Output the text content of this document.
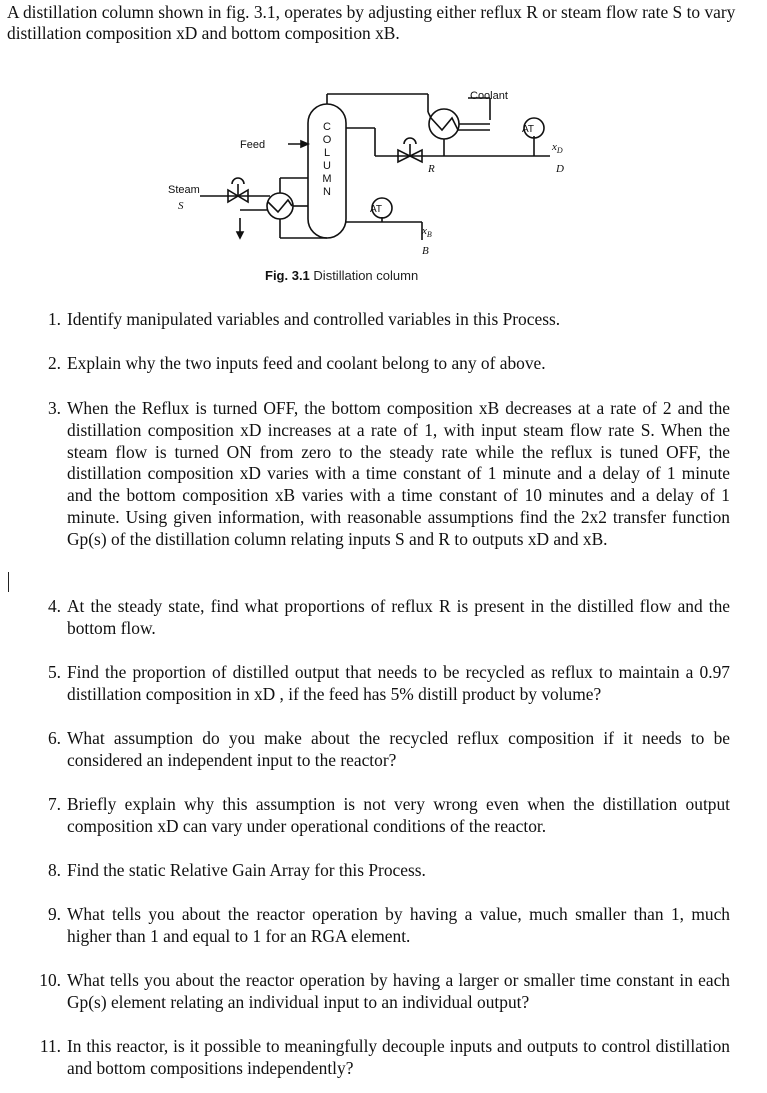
A distillation column shown in fig. 3.1, operates by adjusting either reflux R or steam flow rate S to vary distillation composition xD and bottom composition xB.

Coolant
Feed
Steam
S
AT
AT
$x_D$
D
R
$x_B$
B
C
O
L
U
M
N
Fig. 3.1 Distillation column
1. Identify manipulated variables and controlled variables in this Process.
2. Explain why the two inputs feed and coolant belong to any of above.
3. When the Reflux is turned OFF, the bottom composition xB decreases at a rate of 2 and the distillation composition xD increases at a rate of 1, with input steam flow rate S. When the steam flow is turned ON from zero to the steady rate while the reflux is tuned OFF, the distillation composition xD varies with a time constant of 1 minute and a delay of 1 minute and the bottom composition xB varies with a time constant of 10 minutes and a delay of 1 minute. Using given information, with reasonable assumptions find the 2x2 transfer function Gp(s) of the distillation column relating inputs S and R to outputs xD and xB.
4. At the steady state, find what proportions of reflux R is present in the distilled flow and the bottom flow.
5. Find the proportion of distilled output that needs to be recycled as reflux to maintain a 0.97 distillation composition in xD , if the feed has 5% distill product by volume?
6. What assumption do you make about the recycled reflux composition if it needs to be considered an independent input to the reactor?
7. Briefly explain why this assumption is not very wrong even when the distillation output composition xD can vary under operational conditions of the reactor.
8. Find the static Relative Gain Array for this Process.
9. What tells you about the reactor operation by having a value, much smaller than 1, much higher than 1 and equal to 1 for an RGA element.
10. What tells you about the reactor operation by having a larger or smaller time constant in each Gp(s) element relating an individual input to an individual output?
11. In this reactor, is it possible to meaningfully decouple inputs and outputs to control distillation and bottom compositions independently?
